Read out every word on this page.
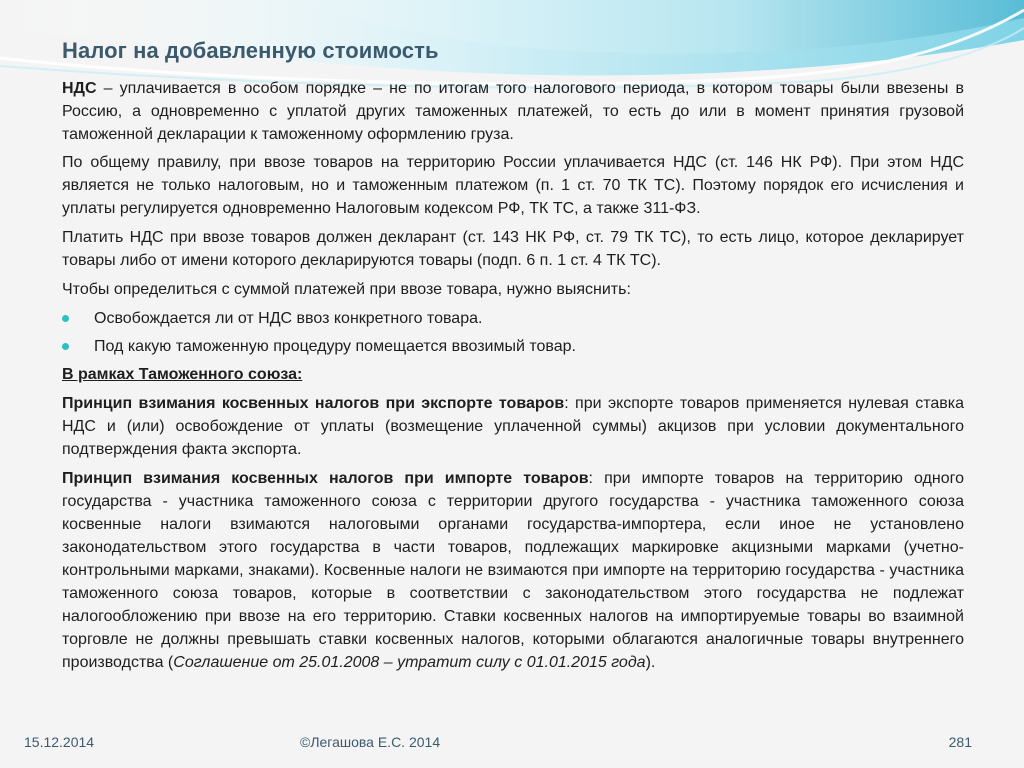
Налог на добавленную стоимость

НДС – уплачивается в особом порядке – не по итогам того налогового периода, в котором товары были ввезены в Россию, а одновременно с уплатой других таможенных платежей, то есть до или в момент принятия грузовой таможенной декларации к таможенному оформлению груза.

По общему правилу, при ввозе товаров на территорию России уплачивается НДС (ст. 146 НК РФ). При этом НДС является не только налоговым, но и таможенным платежом (п. 1 ст. 70 ТК ТС). Поэтому порядок его исчисления и уплаты регулируется одновременно Налоговым кодексом РФ, ТК ТС, а также 311-ФЗ.

Платить НДС при ввозе товаров должен декларант (ст. 143 НК РФ, ст. 79 ТК ТС), то есть лицо, которое декларирует товары либо от имени которого декларируются товары (подп. 6 п. 1 ст. 4 ТК ТС).

Чтобы определиться с суммой платежей при ввозе товара, нужно выяснить:

Освобождается ли от НДС ввоз конкретного товара.
Под какую таможенную процедуру помещается ввозимый товар.

В рамках Таможенного союза:

Принцип взимания косвенных налогов при экспорте товаров: при экспорте товаров применяется нулевая ставка НДС и (или) освобождение от уплаты (возмещение уплаченной суммы) акцизов при условии документального подтверждения факта экспорта.

Принцип взимания косвенных налогов при импорте товаров: при импорте товаров на территорию одного государства - участника таможенного союза с территории другого государства - участника таможенного союза косвенные налоги взимаются налоговыми органами государства-импортера, если иное не установлено законодательством этого государства в части товаров, подлежащих маркировке акцизными марками (учетно-контрольными марками, знаками). Косвенные налоги не взимаются при импорте на территорию государства - участника таможенного союза товаров, которые в соответствии с законодательством этого государства не подлежат налогообложению при ввозе на его территорию. Ставки косвенных налогов на импортируемые товары во взаимной торговле не должны превышать ставки косвенных налогов, которыми облагаются аналогичные товары внутреннего производства (Соглашение от 25.01.2008 – утратит силу с 01.01.2015 года).

15.12.2014	©Легашова Е.С. 2014	281
